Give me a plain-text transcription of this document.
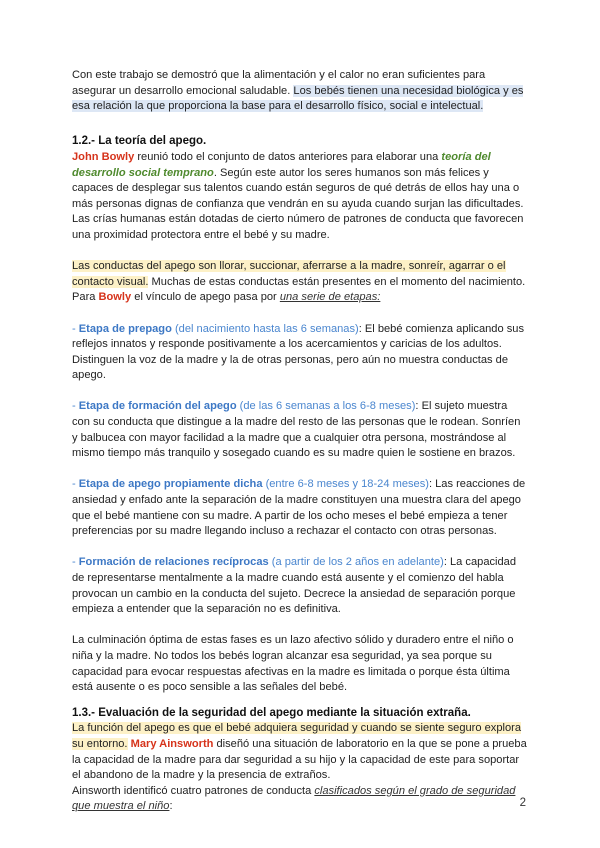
Con este trabajo se demostró que la alimentación y el calor no eran suficientes para asegurar un desarrollo emocional saludable. Los bebés tienen una necesidad biológica y es esa relación la que proporciona la base para el desarrollo físico, social e intelectual.

1.2.- La teoría del apego.

John Bowly reunió todo el conjunto de datos anteriores para elaborar una teoría del desarrollo social temprano. Según este autor los seres humanos son más felices y capaces de desplegar sus talentos cuando están seguros de qué detrás de ellos hay una o más personas dignas de confianza que vendrán en su ayuda cuando surjan las dificultades. Las crías humanas están dotadas de cierto número de patrones de conducta que favorecen una proximidad protectora entre el bebé y su madre.

Las conductas del apego son llorar, succionar, aferrarse a la madre, sonreír, agarrar o el contacto visual. Muchas de estas conductas están presentes en el momento del nacimiento. Para Bowly el vínculo de apego pasa por una serie de etapas:

- Etapa de prepago (del nacimiento hasta las 6 semanas): El bebé comienza aplicando sus reflejos innatos y responde positivamente a los acercamientos y caricias de los adultos. Distinguen la voz de la madre y la de otras personas, pero aún no muestra conductas de apego.

- Etapa de formación del apego (de las 6 semanas a los 6-8 meses): El sujeto muestra con su conducta que distingue a la madre del resto de las personas que le rodean. Sonríen y balbucea con mayor facilidad a la madre que a cualquier otra persona, mostrándose al mismo tiempo más tranquilo y sosegado cuando es su madre quien le sostiene en brazos.

- Etapa de apego propiamente dicha (entre 6-8 meses y 18-24 meses): Las reacciones de ansiedad y enfado ante la separación de la madre constituyen una muestra clara del apego que el bebé mantiene con su madre. A partir de los ocho meses el bebé empieza a tener preferencias por su madre llegando incluso a rechazar el contacto con otras personas.

- Formación de relaciones recíprocas (a partir de los 2 años en adelante): La capacidad de representarse mentalmente a la madre cuando está ausente y el comienzo del habla provocan un cambio en la conducta del sujeto. Decrece la ansiedad de separación porque empieza a entender que la separación no es definitiva.

La culminación óptima de estas fases es un lazo afectivo sólido y duradero entre el niño o niña y la madre. No todos los bebés logran alcanzar esa seguridad, ya sea porque su capacidad para evocar respuestas afectivas en la madre es limitada o porque ésta última está ausente o es poco sensible a las señales del bebé.

1.3.- Evaluación de la seguridad del apego mediante la situación extraña.

La función del apego es que el bebé adquiera seguridad y cuando se siente seguro explora su entorno. Mary Ainsworth diseñó una situación de laboratorio en la que se pone a prueba la capacidad de la madre para dar seguridad a su hijo y la capacidad de este para soportar el abandono de la madre y la presencia de extraños.

Ainsworth identificó cuatro patrones de conducta clasificados según el grado de seguridad que muestra el niño:	2
